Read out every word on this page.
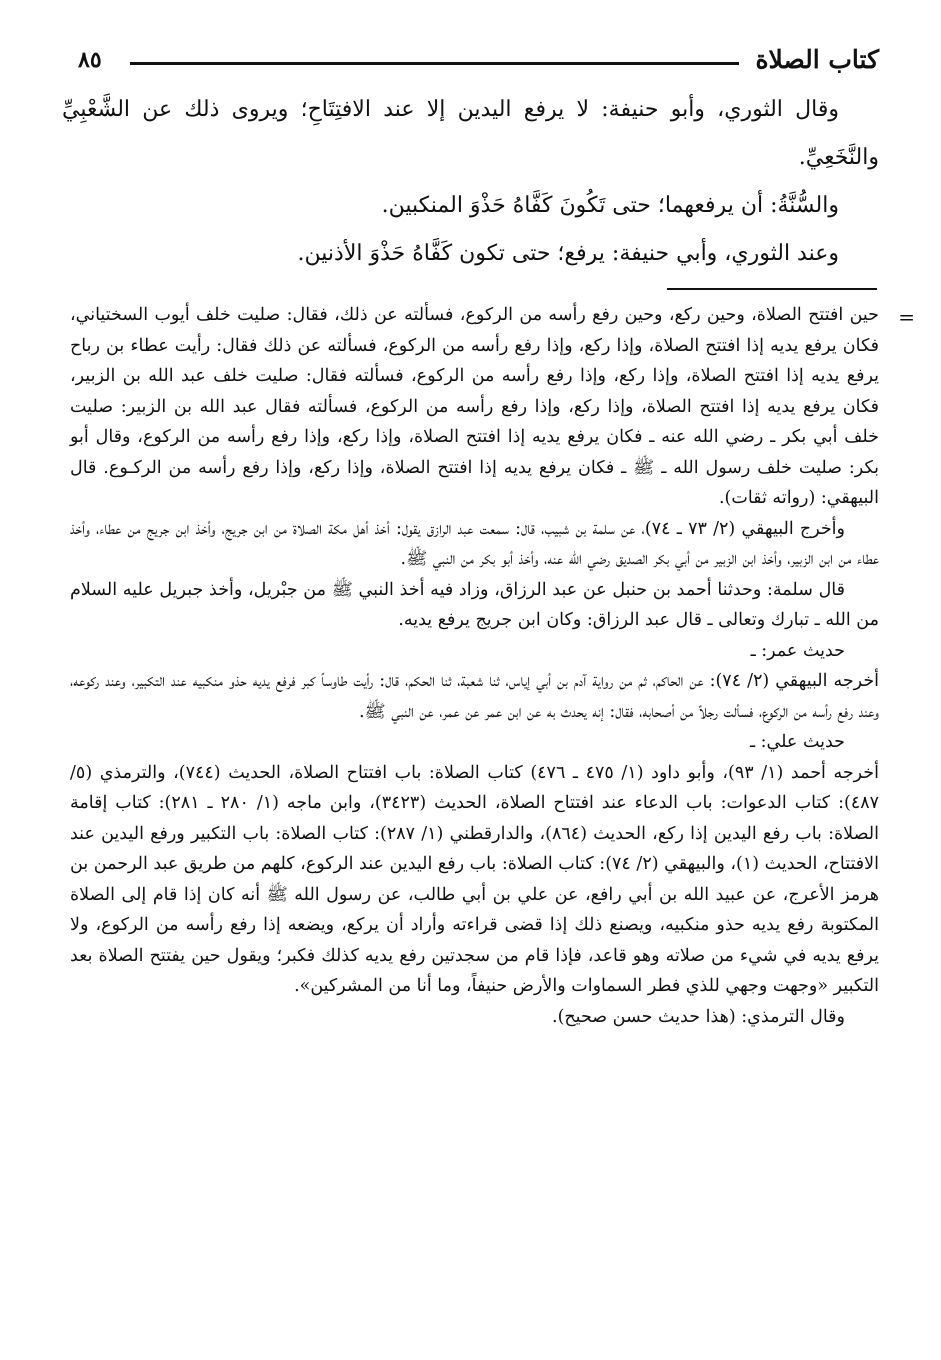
كتاب الصلاة
٨٥

وقال الثوري، وأبو حنيفة: لا يرفع اليدين إلا عند الافتِتَاحِ؛ ويروى ذلك عن الشَّعْبِيِّ والنَّخَعِيِّ.

والسُّنَّةُ: أن يرفعهما؛ حتى تَكُونَ كَفَّاهُ حَذْوَ المنكبين.

وعند الثوري، وأبي حنيفة: يرفع؛ حتى تكون كَفَّاهُ حَذْوَ الأذنين.

=

حين افتتح الصلاة، وحين ركع، وحين رفع رأسه من الركوع، فسألته عن ذلك، فقال: صليت خلف أيوب السختياني، فكان يرفع يديه إذا افتتح الصلاة، وإذا ركع، وإذا رفع رأسه من الركوع، فسألته عن ذلك فقال: رأيت عطاء بن رباح يرفع يديه إذا افتتح الصلاة، وإذا ركع، وإذا رفع رأسه من الركوع، فسألته فقال: صليت خلف عبد الله بن الزبير، فكان يرفع يديه إذا افتتح الصلاة، وإذا ركع، وإذا رفع رأسه من الركوع، فسألته فقال عبد الله بن الزبير: صليت خلف أبي بكر ـ رضي الله عنه ـ فكان يرفع يديه إذا افتتح الصلاة، وإذا ركع، وإذا رفع رأسه من الركوع، وقال أبو بكر: صليت خلف رسول الله ـ ﷺ ـ فكان يرفع يديه إذا افتتح الصلاة، وإذا ركع، وإذا رفع رأسه من الركـوع. قال البيهقي: (رواته ثقات).

وأخرج البيهقي (٢/ ٧٣ ـ ٧٤)، عن سلمة بن شبيب، قال: سمعت عبد الرازق يقول: أخذ أهل مكة الصلاة من ابن جريج، وأخذ ابن جريج من عطاء، وأخذ عطاء من ابن الزبير، وأخذ ابن الزبير من أبي بكر الصديق رضي الله عنه، وأخذ أبو بكر من النبي ﷺ.

قال سلمة: وحدثنا أحمد بن حنبل عن عبد الرزاق، وزاد فيه أخذ النبي ﷺ من جبْريل، وأخذ جبريل عليه السلام من الله ـ تبارك وتعالى ـ قال عبد الرزاق: وكان ابن جريج يرفع يديه.

حديث عمر: ـ

أخرجه البيهقي (٢/ ٧٤): عن الحاكم، ثم من رواية آدم بن أبي إياس، ثنا شعبة، ثنا الحكم، قال: رأيت طاوساً كبر فرفع يديه حذو منكبيه عند التكبير، وعند ركوعه، وعند رفع رأسه من الركوع، فسألت رجلاً من أصحابه، فقال: إنه يحدث به عن ابن عمر عن عمر، عن النبي ﷺ.

حديث علي: ـ

أخرجه أحمد (١/ ٩٣)، وأبو داود (١/ ٤٧٥ ـ ٤٧٦) كتاب الصلاة: باب افتتاح الصلاة، الحديث (٧٤٤)، والترمذي (٥/ ٤٨٧): كتاب الدعوات: باب الدعاء عند افتتاح الصلاة، الحديث (٣٤٢٣)، وابن ماجه (١/ ٢٨٠ ـ ٢٨١): كتاب إقامة الصلاة: باب رفع اليدين إذا ركع، الحديث (٨٦٤)، والدارقطني (١/ ٢٨٧): كتاب الصلاة: باب التكبير ورفع اليدين عند الافتتاح، الحديث (١)، والبيهقي (٢/ ٧٤): كتاب الصلاة: باب رفع اليدين عند الركوع، كلهم من طريق عبد الرحمن بن هرمز الأعرج، عن عبيد الله بن أبي رافع، عن علي بن أبي طالب، عن رسول الله ﷺ أنه كان إذا قام إلى الصلاة المكتوبة رفع يديه حذو منكبيه، ويصنع ذلك إذا قضى قراءته وأراد أن يركع، ويضعه إذا رفع رأسه من الركوع، ولا يرفع يديه في شيء من صلاته وهو قاعد، فإذا قام من سجدتين رفع يديه كذلك فكبر؛ ويقول حين يفتتح الصلاة بعد التكبير «وجهت وجهي للذي فطر السماوات والأرض حنيفاً، وما أنا من المشركين».

وقال الترمذي: (هذا حديث حسن صحيح).
